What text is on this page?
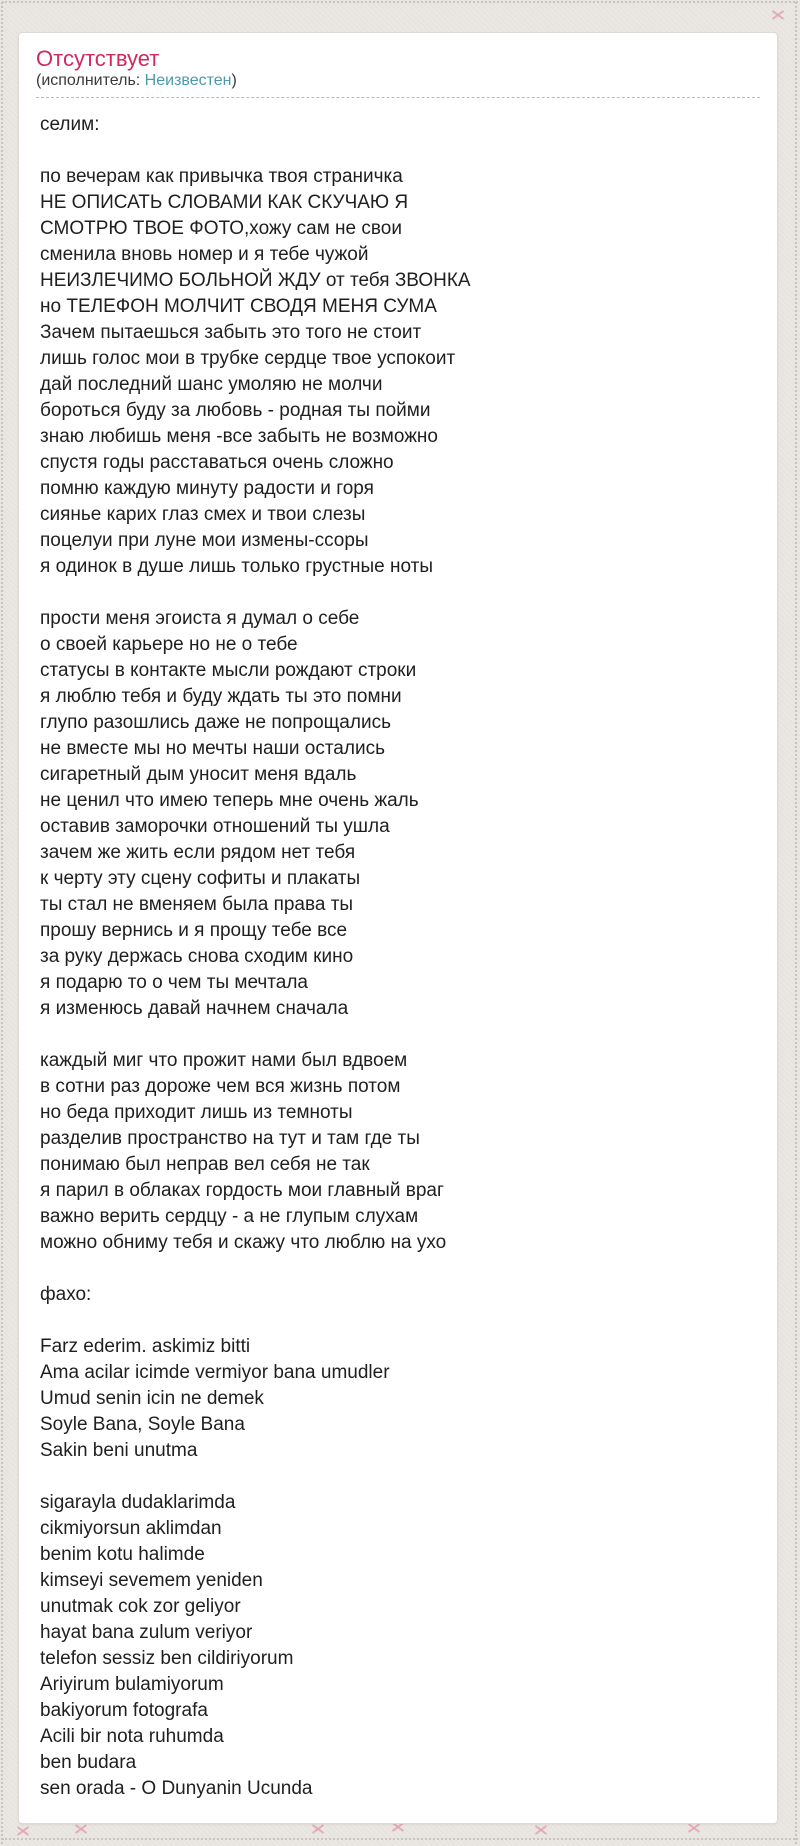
Отсутствует
(исполнитель: Неизвестен)

селим:

по вечерам как привычка твоя страничка
НЕ ОПИСАТЬ СЛОВАМИ КАК СКУЧАЮ Я
СМОТРЮ ТВОЕ ФОТО,хожу сам не свои
сменила вновь номер и я тебе чужой
НЕИЗЛЕЧИМО БОЛЬНОЙ ЖДУ от тебя ЗВОНКА
но ТЕЛЕФОН МОЛЧИТ СВОДЯ МЕНЯ СУМА
Зачем пытаешься забыть это того не стоит
лишь голос мои в трубке сердце твое успокоит
дай последний шанс умоляю не молчи
бороться буду за любовь - родная ты пойми
знаю любишь меня -все забыть не возможно
спустя годы расставаться очень сложно
помню каждую минуту радости и горя
сиянье карих глаз смех и твои слезы
поцелуи при луне мои измены-ссоры
я одинок в душе лишь только грустные ноты

прости меня эгоиста я думал о себе
о своей карьере но не о тебе
статусы в контакте мысли рождают строки
я люблю тебя и буду ждать ты это помни
глупо разошлись даже не попрощались
не вместе мы но мечты наши остались
сигаретный дым уносит меня вдаль
не ценил что имею теперь мне очень жаль
оставив заморочки отношений ты ушла
зачем же жить если рядом нет тебя
к черту эту сцену софиты и плакаты
ты стал не вменяем была права ты
прошу вернись и я прощу тебе все
за руку держась снова сходим кино
я подарю то о чем ты мечтала
я изменюсь давай начнем сначала

каждый миг что прожит нами был вдвоем
в сотни раз дороже чем вся жизнь потом
но беда приходит лишь из темноты
разделив пространство на тут и там где ты
понимаю был неправ вел себя не так
я парил в облаках гордость мои главный враг
важно верить сердцу - а не глупым слухам
можно обниму тебя и скажу что люблю на ухо

фахо:

Farz ederim. askimiz bitti
Ama acilar icimde vermiyor bana umudler
Umud senin icin ne demek
Soyle Bana, Soyle Bana
Sakin beni unutma

sigarayla dudaklarimda
cikmiyorsun aklimdan
benim kotu halimde
kimseyi sevemem yeniden
unutmak cok zor geliyor
hayat bana zulum veriyor
telefon sessiz ben cildiriyorum
Ariyirum bulamiyorum
bakiyorum fotografa
Acili bir nota ruhumda
ben budara
sen orada - O Dunyanin Ucunda
